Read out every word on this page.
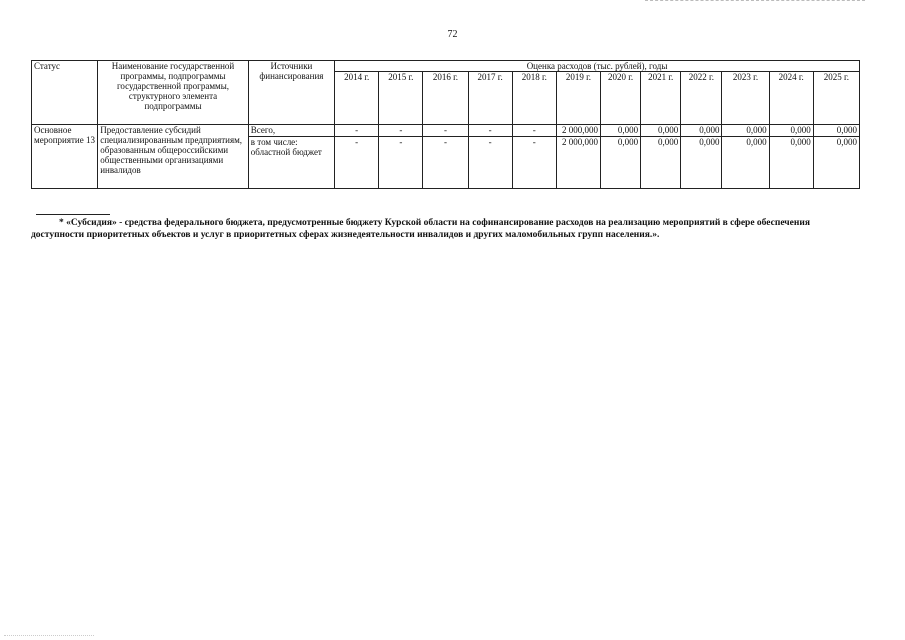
72
Статус	Наименование государственной программы, подпрограммы государственной программы, структурного элемента подпрограммы	Источники финансирования	Оценка расходов (тыс. рублей), годы											
			2014 г.	2015 г.	2016 г.	2017 г.	2018 г.	2019 г.	2020 г.	2021 г.	2022 г.	2023 г.	2024 г.	2025 г.
Основное мероприятие 13	Предоставление субсидий специализированным предприятиям, образованным общероссийскими общественными организациями инвалидов	Всего,	-	-	-	-	-	2 000,000	0,000	0,000	0,000	0,000	0,000	0,000
		в том числе: областной бюджет	-	-	-	-	-	2 000,000	0,000	0,000	0,000	0,000	0,000	0,000
* «Субсидия» - средства федерального бюджета, предусмотренные бюджету Курской области на софинансирование расходов на реализацию мероприятий в сфере обеспечения доступности приоритетных объектов и услуг в приоритетных сферах жизнедеятельности инвалидов и других маломобильных групп населения.».
